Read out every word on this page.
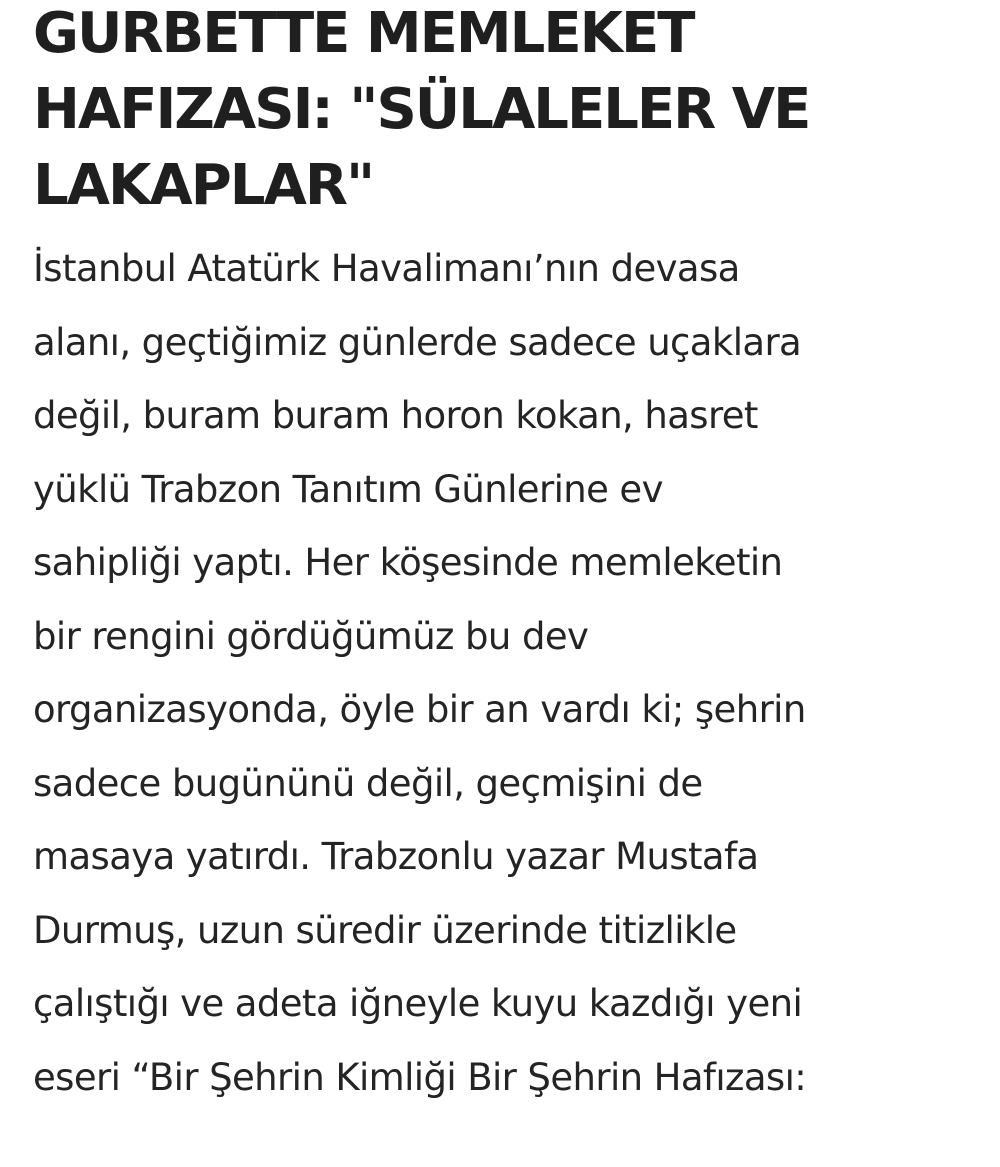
GURBETTE MEMLEKET
HAFIZASI: "SÜLALELER VE
LAKAPLAR"

İstanbul Atatürk Havalimanı’nın devasa
alanı, geçtiğimiz günlerde sadece uçaklara
değil, buram buram horon kokan, hasret
yüklü Trabzon Tanıtım Günlerine ev
sahipliği yaptı. Her köşesinde memleketin
bir rengini gördüğümüz bu dev
organizasyonda, öyle bir an vardı ki; şehrin
sadece bugününü değil, geçmişini de
masaya yatırdı. Trabzonlu yazar Mustafa
Durmuş, uzun süredir üzerinde titizlikle
çalıştığı ve adeta iğneyle kuyu kazdığı yeni
eseri “Bir Şehrin Kimliği Bir Şehrin Hafızası:
